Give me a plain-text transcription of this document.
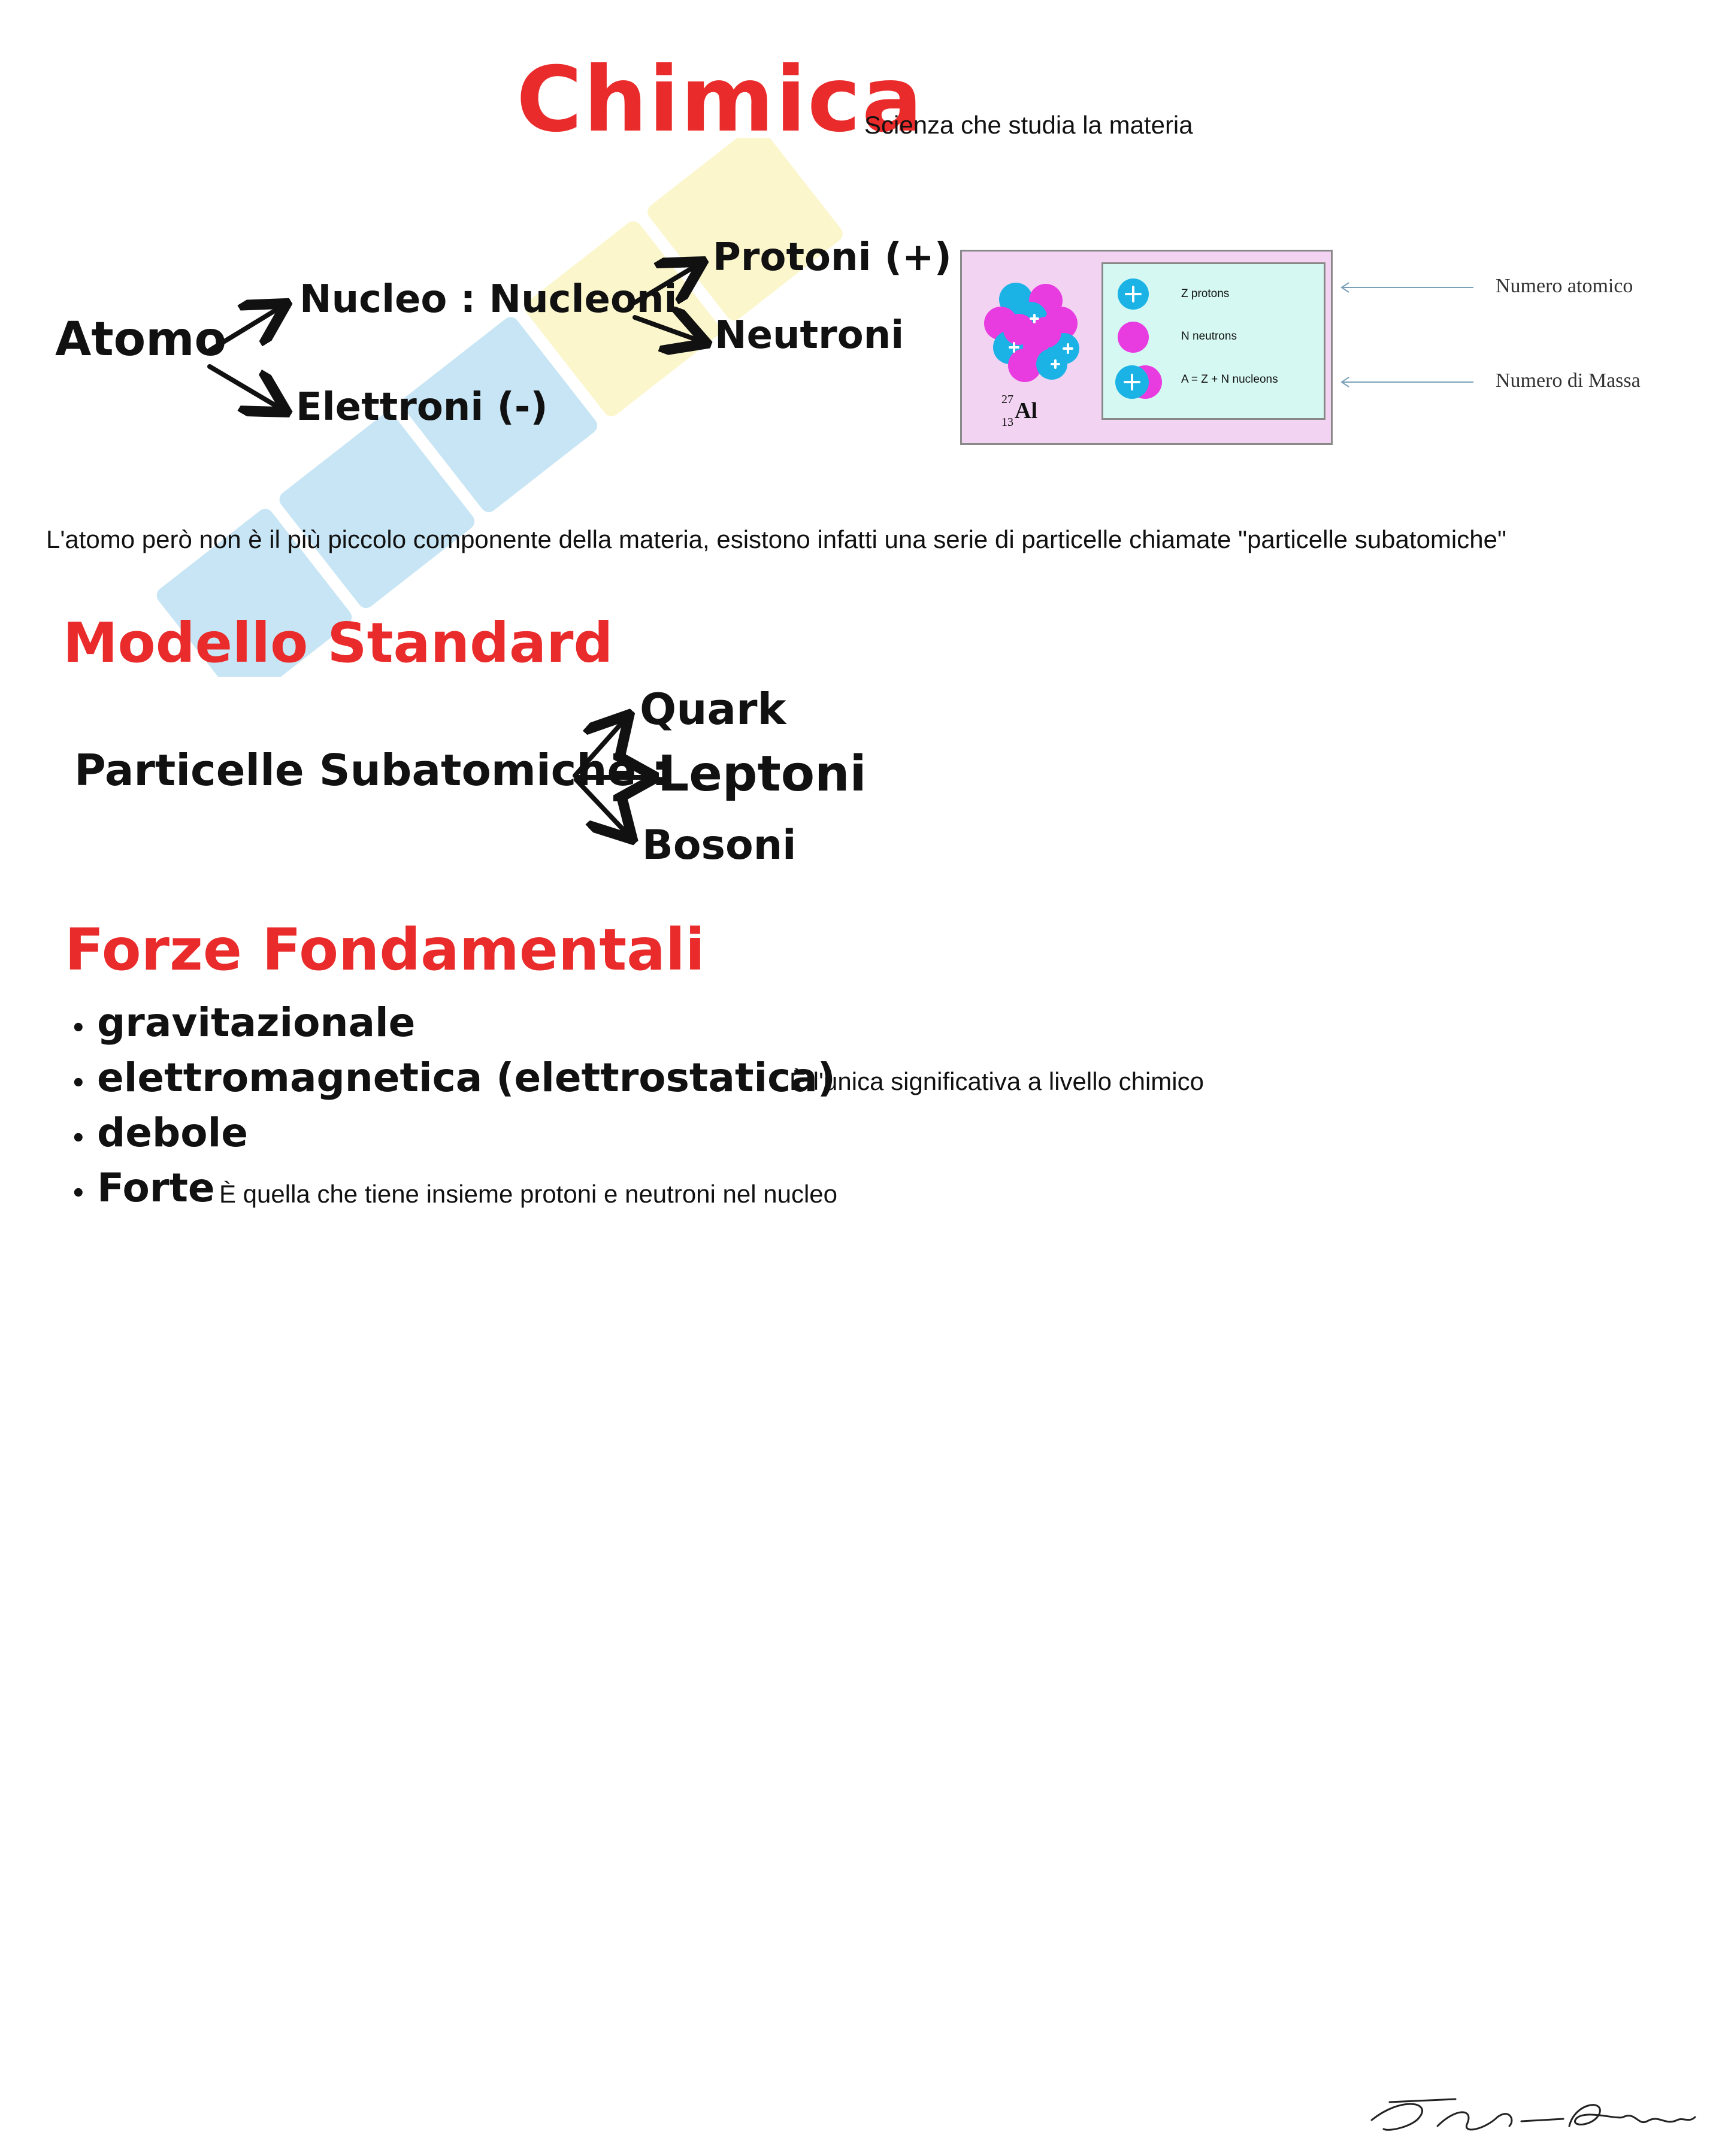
Chimica
Scienza che studia la materia
Atomo
Nucleo : Nucleoni
Protoni (+)
Neutroni
Elettroni (-)	27
13 Al
Z protons
N neutrons
A = Z + N nucleons
Numero atomico
Numero di Massa
L'atomo però non è il più piccolo componente della materia, esistono infatti una serie di particelle chiamate "particelle subatomiche"
Modello Standard
Particelle Subatomiche :
Quark
Leptoni
Bosoni
Forze Fondamentali
• gravitazionale
• elettromagnetica (elettrostatica)
È l'unica significativa a livello chimico
• debole
• Forte È quella che tiene insieme protoni e neutroni nel nucleo
